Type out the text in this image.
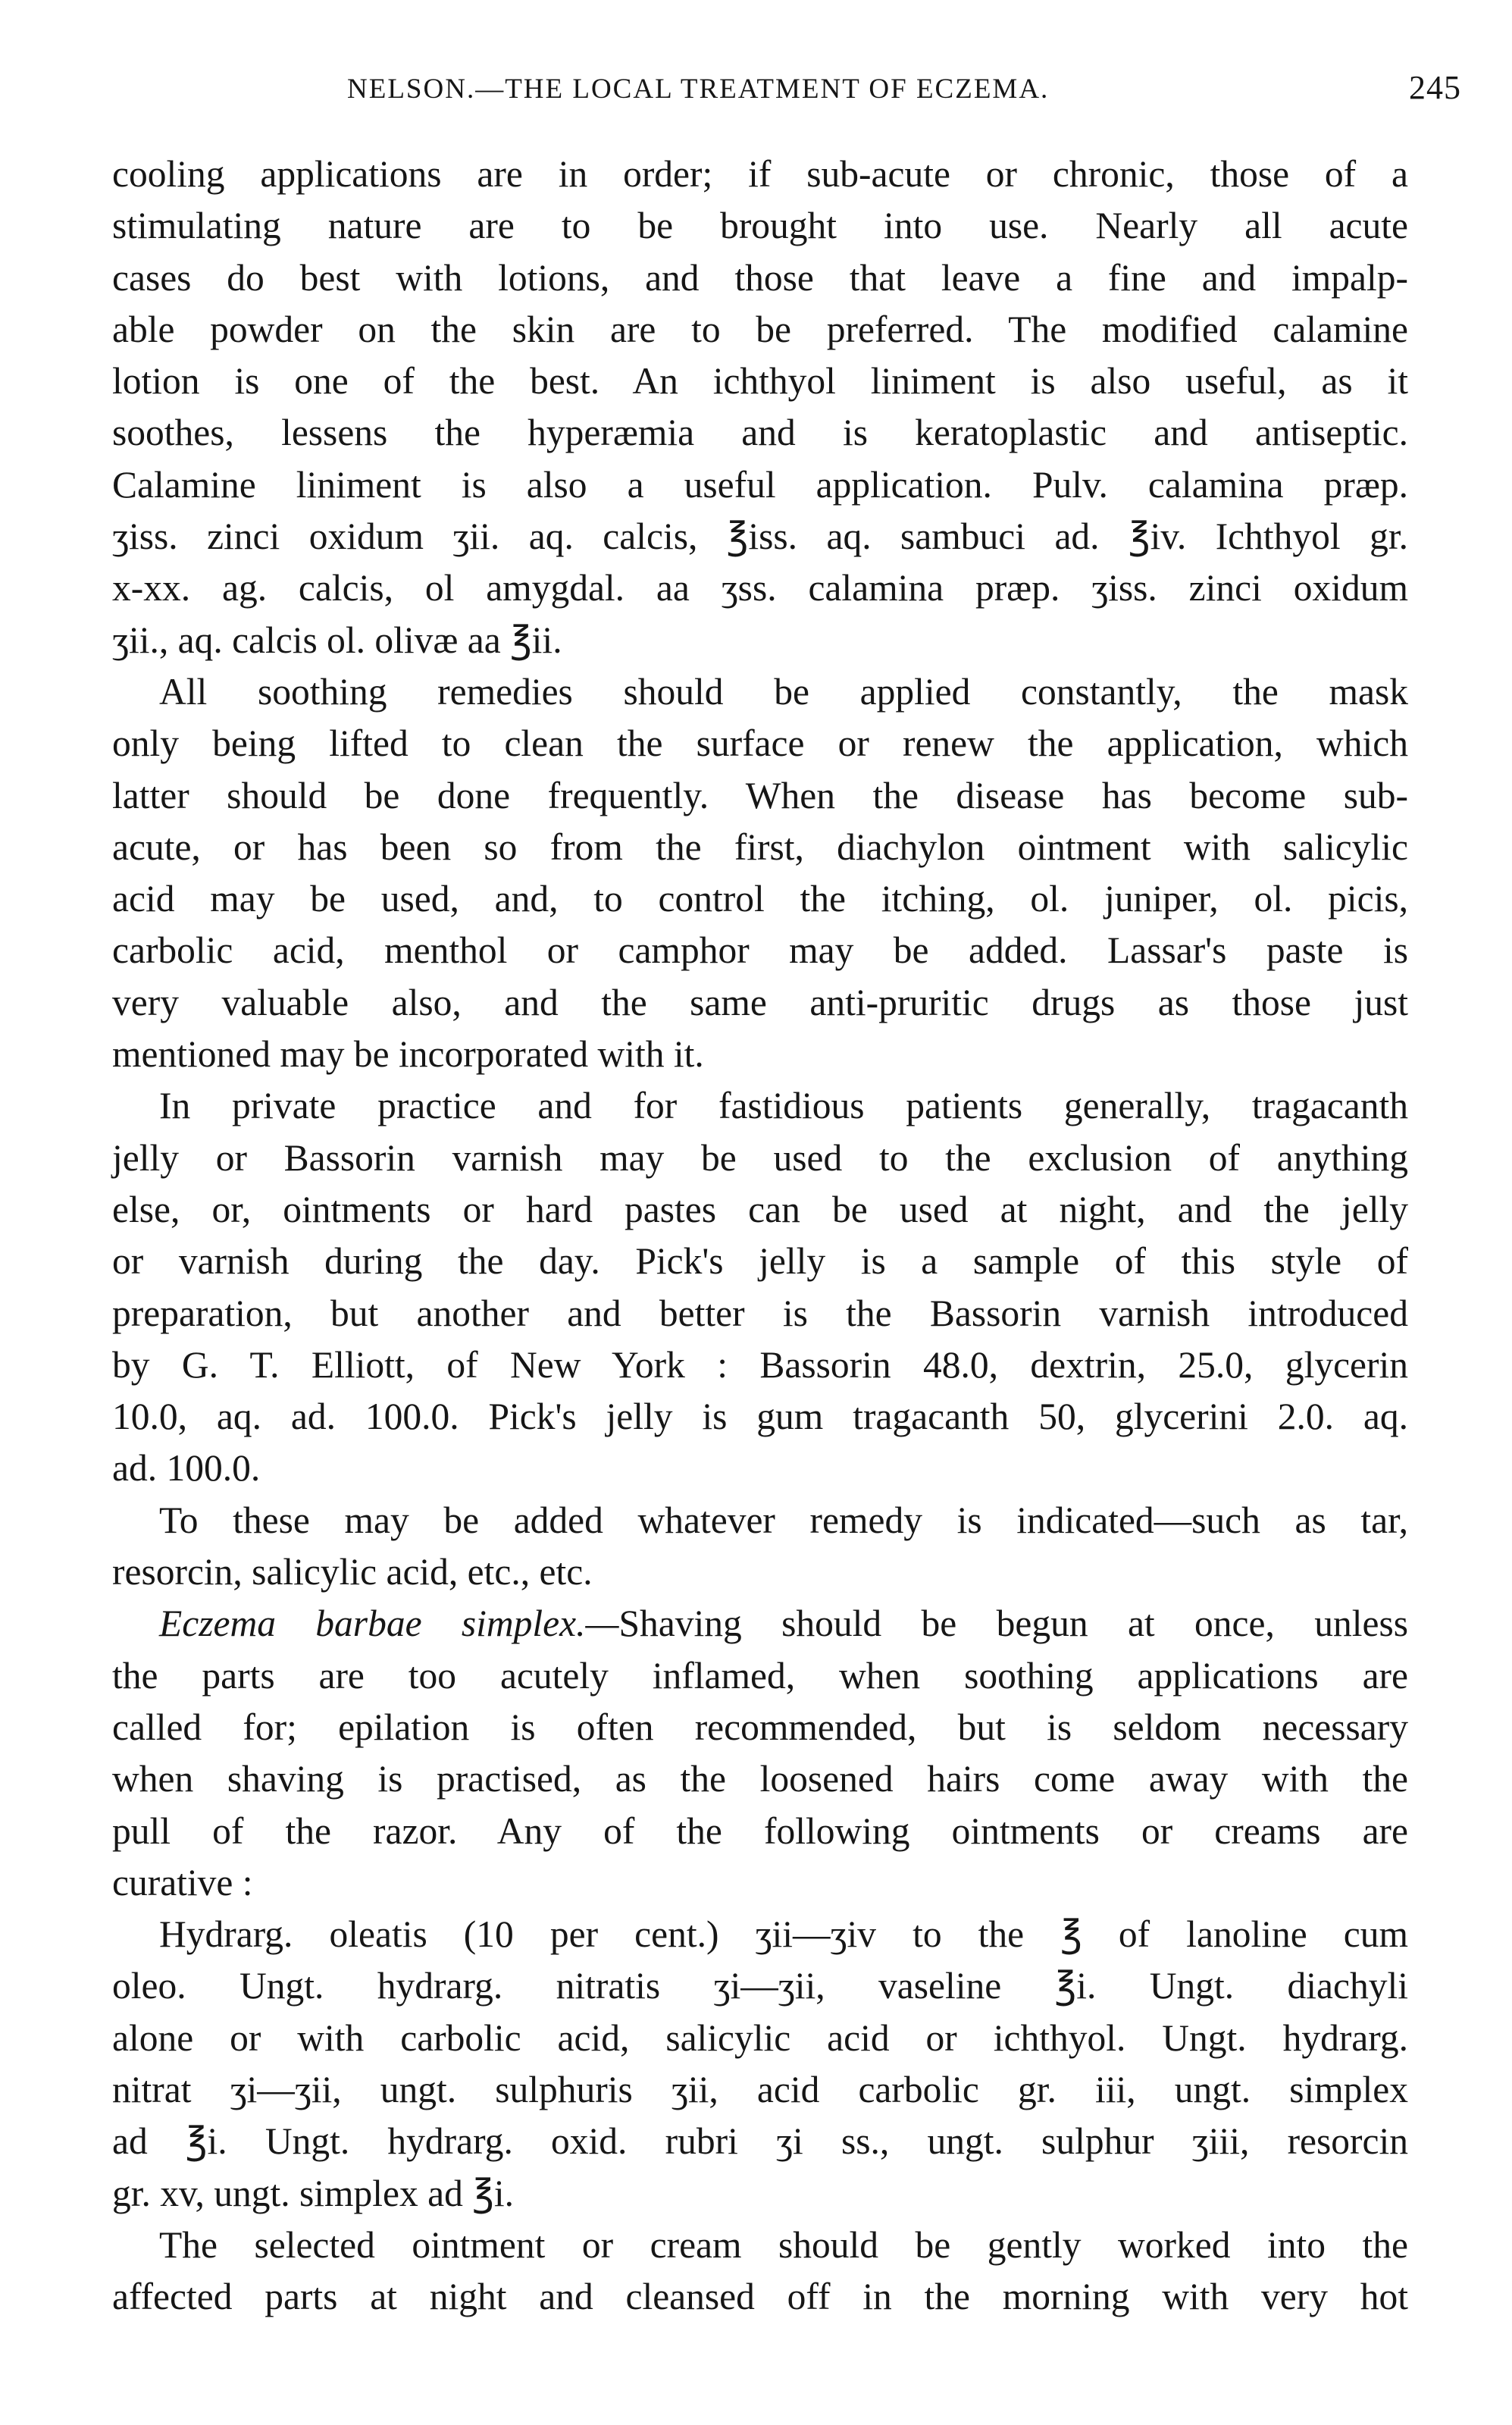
NELSON.—THE LOCAL TREATMENT OF ECZEMA.	245
cooling applications are in order; if sub-acute or chronic, those of a
stimulating nature are to be brought into use. Nearly all acute
cases do best with lotions, and those that leave a fine and impalp-
able powder on the skin are to be preferred. The modified calamine
lotion is one of the best. An ichthyol liniment is also useful, as it
soothes, lessens the hyperæmia and is keratoplastic and antiseptic.
Calamine liniment is also a useful application. Pulv. calamina præp.
ʒiss. zinci oxidum ʒii. aq. calcis, ℥iss. aq. sambuci ad. ℥iv. Ichthyol gr.
x-xx. ag. calcis, ol amygdal. aa ʒss. calamina præp. ʒiss. zinci oxidum
ʒii., aq. calcis ol. olivæ aa ℥ii.
All soothing remedies should be applied constantly, the mask
only being lifted to clean the surface or renew the application, which
latter should be done frequently. When the disease has become sub-
acute, or has been so from the first, diachylon ointment with salicylic
acid may be used, and, to control the itching, ol. juniper, ol. picis,
carbolic acid, menthol or camphor may be added. Lassar's paste is
very valuable also, and the same anti-pruritic drugs as those just
mentioned may be incorporated with it.
In private practice and for fastidious patients generally, tragacanth
jelly or Bassorin varnish may be used to the exclusion of anything
else, or, ointments or hard pastes can be used at night, and the jelly
or varnish during the day. Pick's jelly is a sample of this style of
preparation, but another and better is the Bassorin varnish introduced
by G. T. Elliott, of New York : Bassorin 48.0, dextrin, 25.0, glycerin
10.0, aq. ad. 100.0. Pick's jelly is gum tragacanth 50, glycerini 2.0. aq.
ad. 100.0.
To these may be added whatever remedy is indicated—such as tar,
resorcin, salicylic acid, etc., etc.
Eczema barbae simplex.—Shaving should be begun at once, unless
the parts are too acutely inflamed, when soothing applications are
called for; epilation is often recommended, but is seldom necessary
when shaving is practised, as the loosened hairs come away with the
pull of the razor. Any of the following ointments or creams are
curative :
Hydrarg. oleatis (10 per cent.) ʒii—ʒiv to the ℥ of lanoline cum
oleo. Ungt. hydrarg. nitratis ʒi—ʒii, vaseline ℥i. Ungt. diachyli
alone or with carbolic acid, salicylic acid or ichthyol. Ungt. hydrarg.
nitrat ʒi—ʒii, ungt. sulphuris ʒii, acid carbolic gr. iii, ungt. simplex
ad ℥i. Ungt. hydrarg. oxid. rubri ʒi ss., ungt. sulphur ʒiii, resorcin
gr. xv, ungt. simplex ad ℥i.
The selected ointment or cream should be gently worked into the
affected parts at night and cleansed off in the morning with very hot
